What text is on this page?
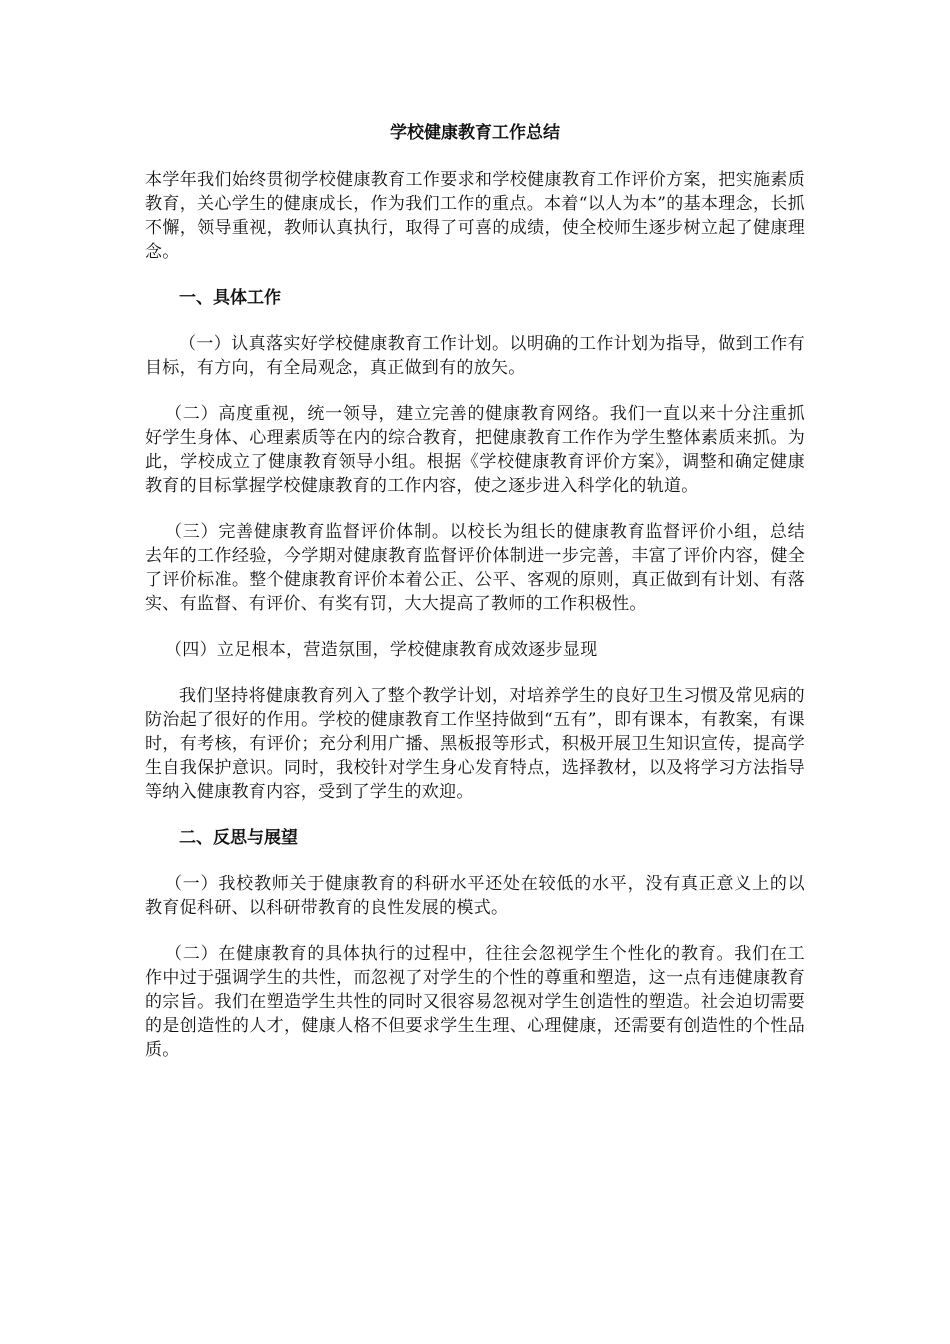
学校健康教育工作总结

本学年我们始终贯彻学校健康教育工作要求和学校健康教育工作评价方案，把实施素质教育，关心学生的健康成长，作为我们工作的重点。本着“以人为本”的基本理念，长抓不懈，领导重视，教师认真执行，取得了可喜的成绩，使全校师生逐步树立起了健康理念。

一、具体工作

（一）认真落实好学校健康教育工作计划。以明确的工作计划为指导，做到工作有目标，有方向，有全局观念，真正做到有的放矢。

（二）高度重视，统一领导，建立完善的健康教育网络。我们一直以来十分注重抓好学生身体、心理素质等在内的综合教育，把健康教育工作作为学生整体素质来抓。为此，学校成立了健康教育领导小组。根据《学校健康教育评价方案》，调整和确定健康教育的目标掌握学校健康教育的工作内容，使之逐步进入科学化的轨道。

（三）完善健康教育监督评价体制。以校长为组长的健康教育监督评价小组，总结去年的工作经验，今学期对健康教育监督评价体制进一步完善，丰富了评价内容，健全了评价标准。整个健康教育评价本着公正、公平、客观的原则，真正做到有计划、有落实、有监督、有评价、有奖有罚，大大提高了教师的工作积极性。

（四）立足根本，营造氛围，学校健康教育成效逐步显现

我们坚持将健康教育列入了整个教学计划，对培养学生的良好卫生习惯及常见病的防治起了很好的作用。学校的健康教育工作坚持做到“五有”，即有课本，有教案，有课时，有考核，有评价；充分利用广播、黑板报等形式，积极开展卫生知识宣传，提高学生自我保护意识。同时，我校针对学生身心发育特点，选择教材，以及将学习方法指导等纳入健康教育内容，受到了学生的欢迎。

二、反思与展望

（一）我校教师关于健康教育的科研水平还处在较低的水平，没有真正意义上的以教育促科研、以科研带教育的良性发展的模式。

（二）在健康教育的具体执行的过程中，往往会忽视学生个性化的教育。我们在工作中过于强调学生的共性，而忽视了对学生的个性的尊重和塑造，这一点有违健康教育的宗旨。我们在塑造学生共性的同时又很容易忽视对学生创造性的塑造。社会迫切需要的是创造性的人才，健康人格不但要求学生生理、心理健康，还需要有创造性的个性品质。
